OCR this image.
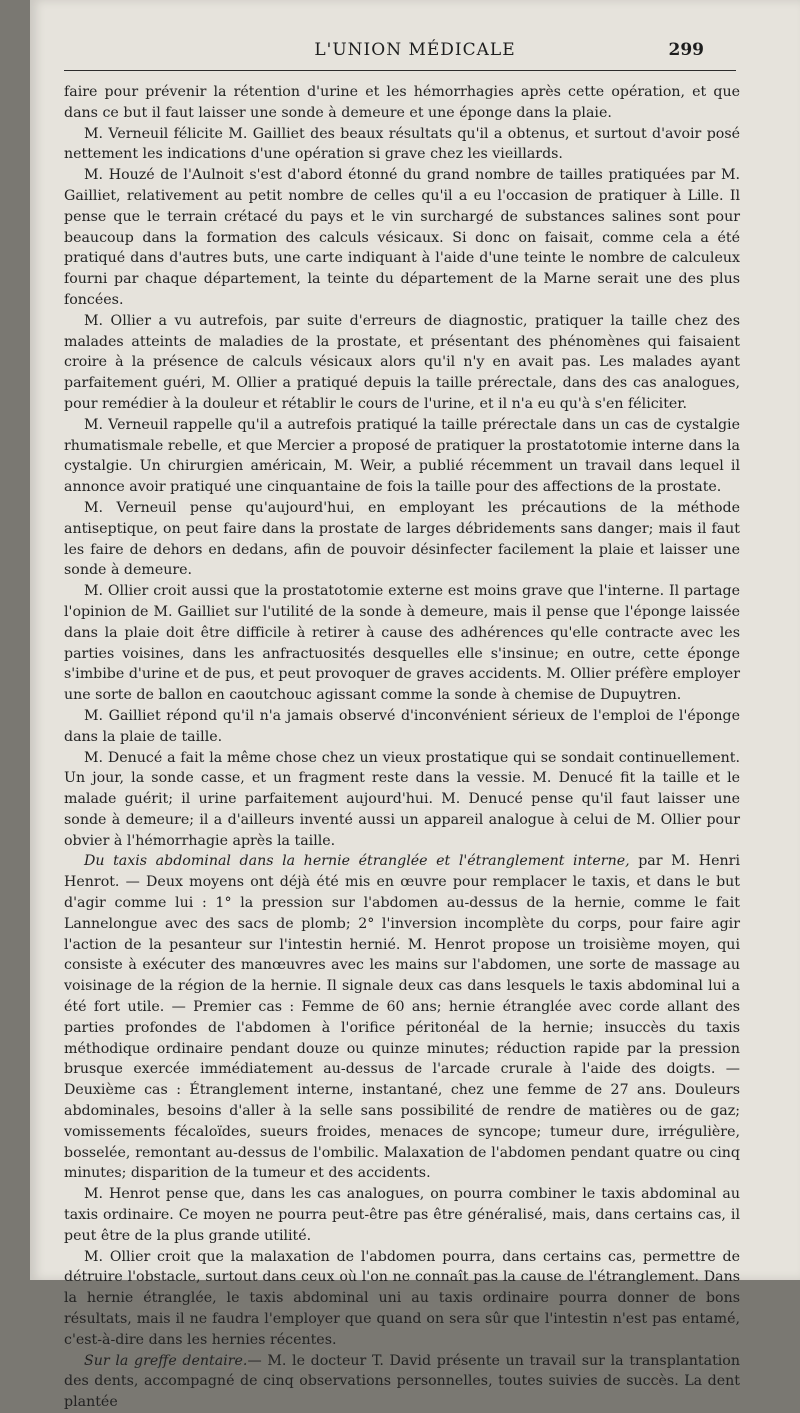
L'UNION MÉDICALE	299

faire pour prévenir la rétention d'urine et les hémorrhagies après cette opération, et que dans ce but il faut laisser une sonde à demeure et une éponge dans la plaie.

M. Verneuil félicite M. Gailliet des beaux résultats qu'il a obtenus, et surtout d'avoir posé nettement les indications d'une opération si grave chez les vieillards.

M. Houzé de l'Aulnoit s'est d'abord étonné du grand nombre de tailles pratiquées par M. Gailliet, relativement au petit nombre de celles qu'il a eu l'occasion de pratiquer à Lille. Il pense que le terrain crétacé du pays et le vin surchargé de substances salines sont pour beaucoup dans la formation des calculs vésicaux. Si donc on faisait, comme cela a été pratiqué dans d'autres buts, une carte indiquant à l'aide d'une teinte le nombre de calculeux fourni par chaque département, la teinte du département de la Marne serait une des plus foncées.

M. Ollier a vu autrefois, par suite d'erreurs de diagnostic, pratiquer la taille chez des malades atteints de maladies de la prostate, et présentant des phénomènes qui faisaient croire à la présence de calculs vésicaux alors qu'il n'y en avait pas. Les malades ayant parfaitement guéri, M. Ollier a pratiqué depuis la taille prérectale, dans des cas analogues, pour remédier à la douleur et rétablir le cours de l'urine, et il n'a eu qu'à s'en féliciter.

M. Verneuil rappelle qu'il a autrefois pratiqué la taille prérectale dans un cas de cystalgie rhumatismale rebelle, et que Mercier a proposé de pratiquer la prostatotomie interne dans la cystalgie. Un chirurgien américain, M. Weir, a publié récemment un travail dans lequel il annonce avoir pratiqué une cinquantaine de fois la taille pour des affections de la prostate.

M. Verneuil pense qu'aujourd'hui, en employant les précautions de la méthode antiseptique, on peut faire dans la prostate de larges débridements sans danger; mais il faut les faire de dehors en dedans, afin de pouvoir désinfecter facilement la plaie et laisser une sonde à demeure.

M. Ollier croit aussi que la prostatotomie externe est moins grave que l'interne. Il partage l'opinion de M. Gailliet sur l'utilité de la sonde à demeure, mais il pense que l'éponge laissée dans la plaie doit être difficile à retirer à cause des adhérences qu'elle contracte avec les parties voisines, dans les anfractuosités desquelles elle s'insinue; en outre, cette éponge s'imbibe d'urine et de pus, et peut provoquer de graves accidents. M. Ollier préfère employer une sorte de ballon en caoutchouc agissant comme la sonde à chemise de Dupuytren.

M. Gailliet répond qu'il n'a jamais observé d'inconvénient sérieux de l'emploi de l'éponge dans la plaie de taille.

M. Denucé a fait la même chose chez un vieux prostatique qui se sondait continuellement. Un jour, la sonde casse, et un fragment reste dans la vessie. M. Denucé fit la taille et le malade guérit; il urine parfaitement aujourd'hui. M. Denucé pense qu'il faut laisser une sonde à demeure; il a d'ailleurs inventé aussi un appareil analogue à celui de M. Ollier pour obvier à l'hémorrhagie après la taille.

Du taxis abdominal dans la hernie étranglée et l'étranglement interne, par M. Henri Henrot. — Deux moyens ont déjà été mis en œuvre pour remplacer le taxis, et dans le but d'agir comme lui : 1° la pression sur l'abdomen au-dessus de la hernie, comme le fait Lannelongue avec des sacs de plomb; 2° l'inversion incomplète du corps, pour faire agir l'action de la pesanteur sur l'intestin hernié. M. Henrot propose un troisième moyen, qui consiste à exécuter des manœuvres avec les mains sur l'abdomen, une sorte de massage au voisinage de la région de la hernie. Il signale deux cas dans lesquels le taxis abdominal lui a été fort utile. — Premier cas : Femme de 60 ans; hernie étranglée avec corde allant des parties profondes de l'abdomen à l'orifice péritonéal de la hernie; insuccès du taxis méthodique ordinaire pendant douze ou quinze minutes; réduction rapide par la pression brusque exercée immédiatement au-dessus de l'arcade crurale à l'aide des doigts. — Deuxième cas : Étranglement interne, instantané, chez une femme de 27 ans. Douleurs abdominales, besoins d'aller à la selle sans possibilité de rendre de matières ou de gaz; vomissements fécaloïdes, sueurs froides, menaces de syncope; tumeur dure, irrégulière, bosselée, remontant au-dessus de l'ombilic. Malaxation de l'abdomen pendant quatre ou cinq minutes; disparition de la tumeur et des accidents.

M. Henrot pense que, dans les cas analogues, on pourra combiner le taxis abdominal au taxis ordinaire. Ce moyen ne pourra peut-être pas être généralisé, mais, dans certains cas, il peut être de la plus grande utilité.

M. Ollier croit que la malaxation de l'abdomen pourra, dans certains cas, permettre de détruire l'obstacle, surtout dans ceux où l'on ne connaît pas la cause de l'étranglement. Dans la hernie étranglée, le taxis abdominal uni au taxis ordinaire pourra donner de bons résultats, mais il ne faudra l'employer que quand on sera sûr que l'intestin n'est pas entamé, c'est-à-dire dans les hernies récentes.

Sur la greffe dentaire.— M. le docteur T. David présente un travail sur la transplantation des dents, accompagné de cinq observations personnelles, toutes suivies de succès. La dent plantée
